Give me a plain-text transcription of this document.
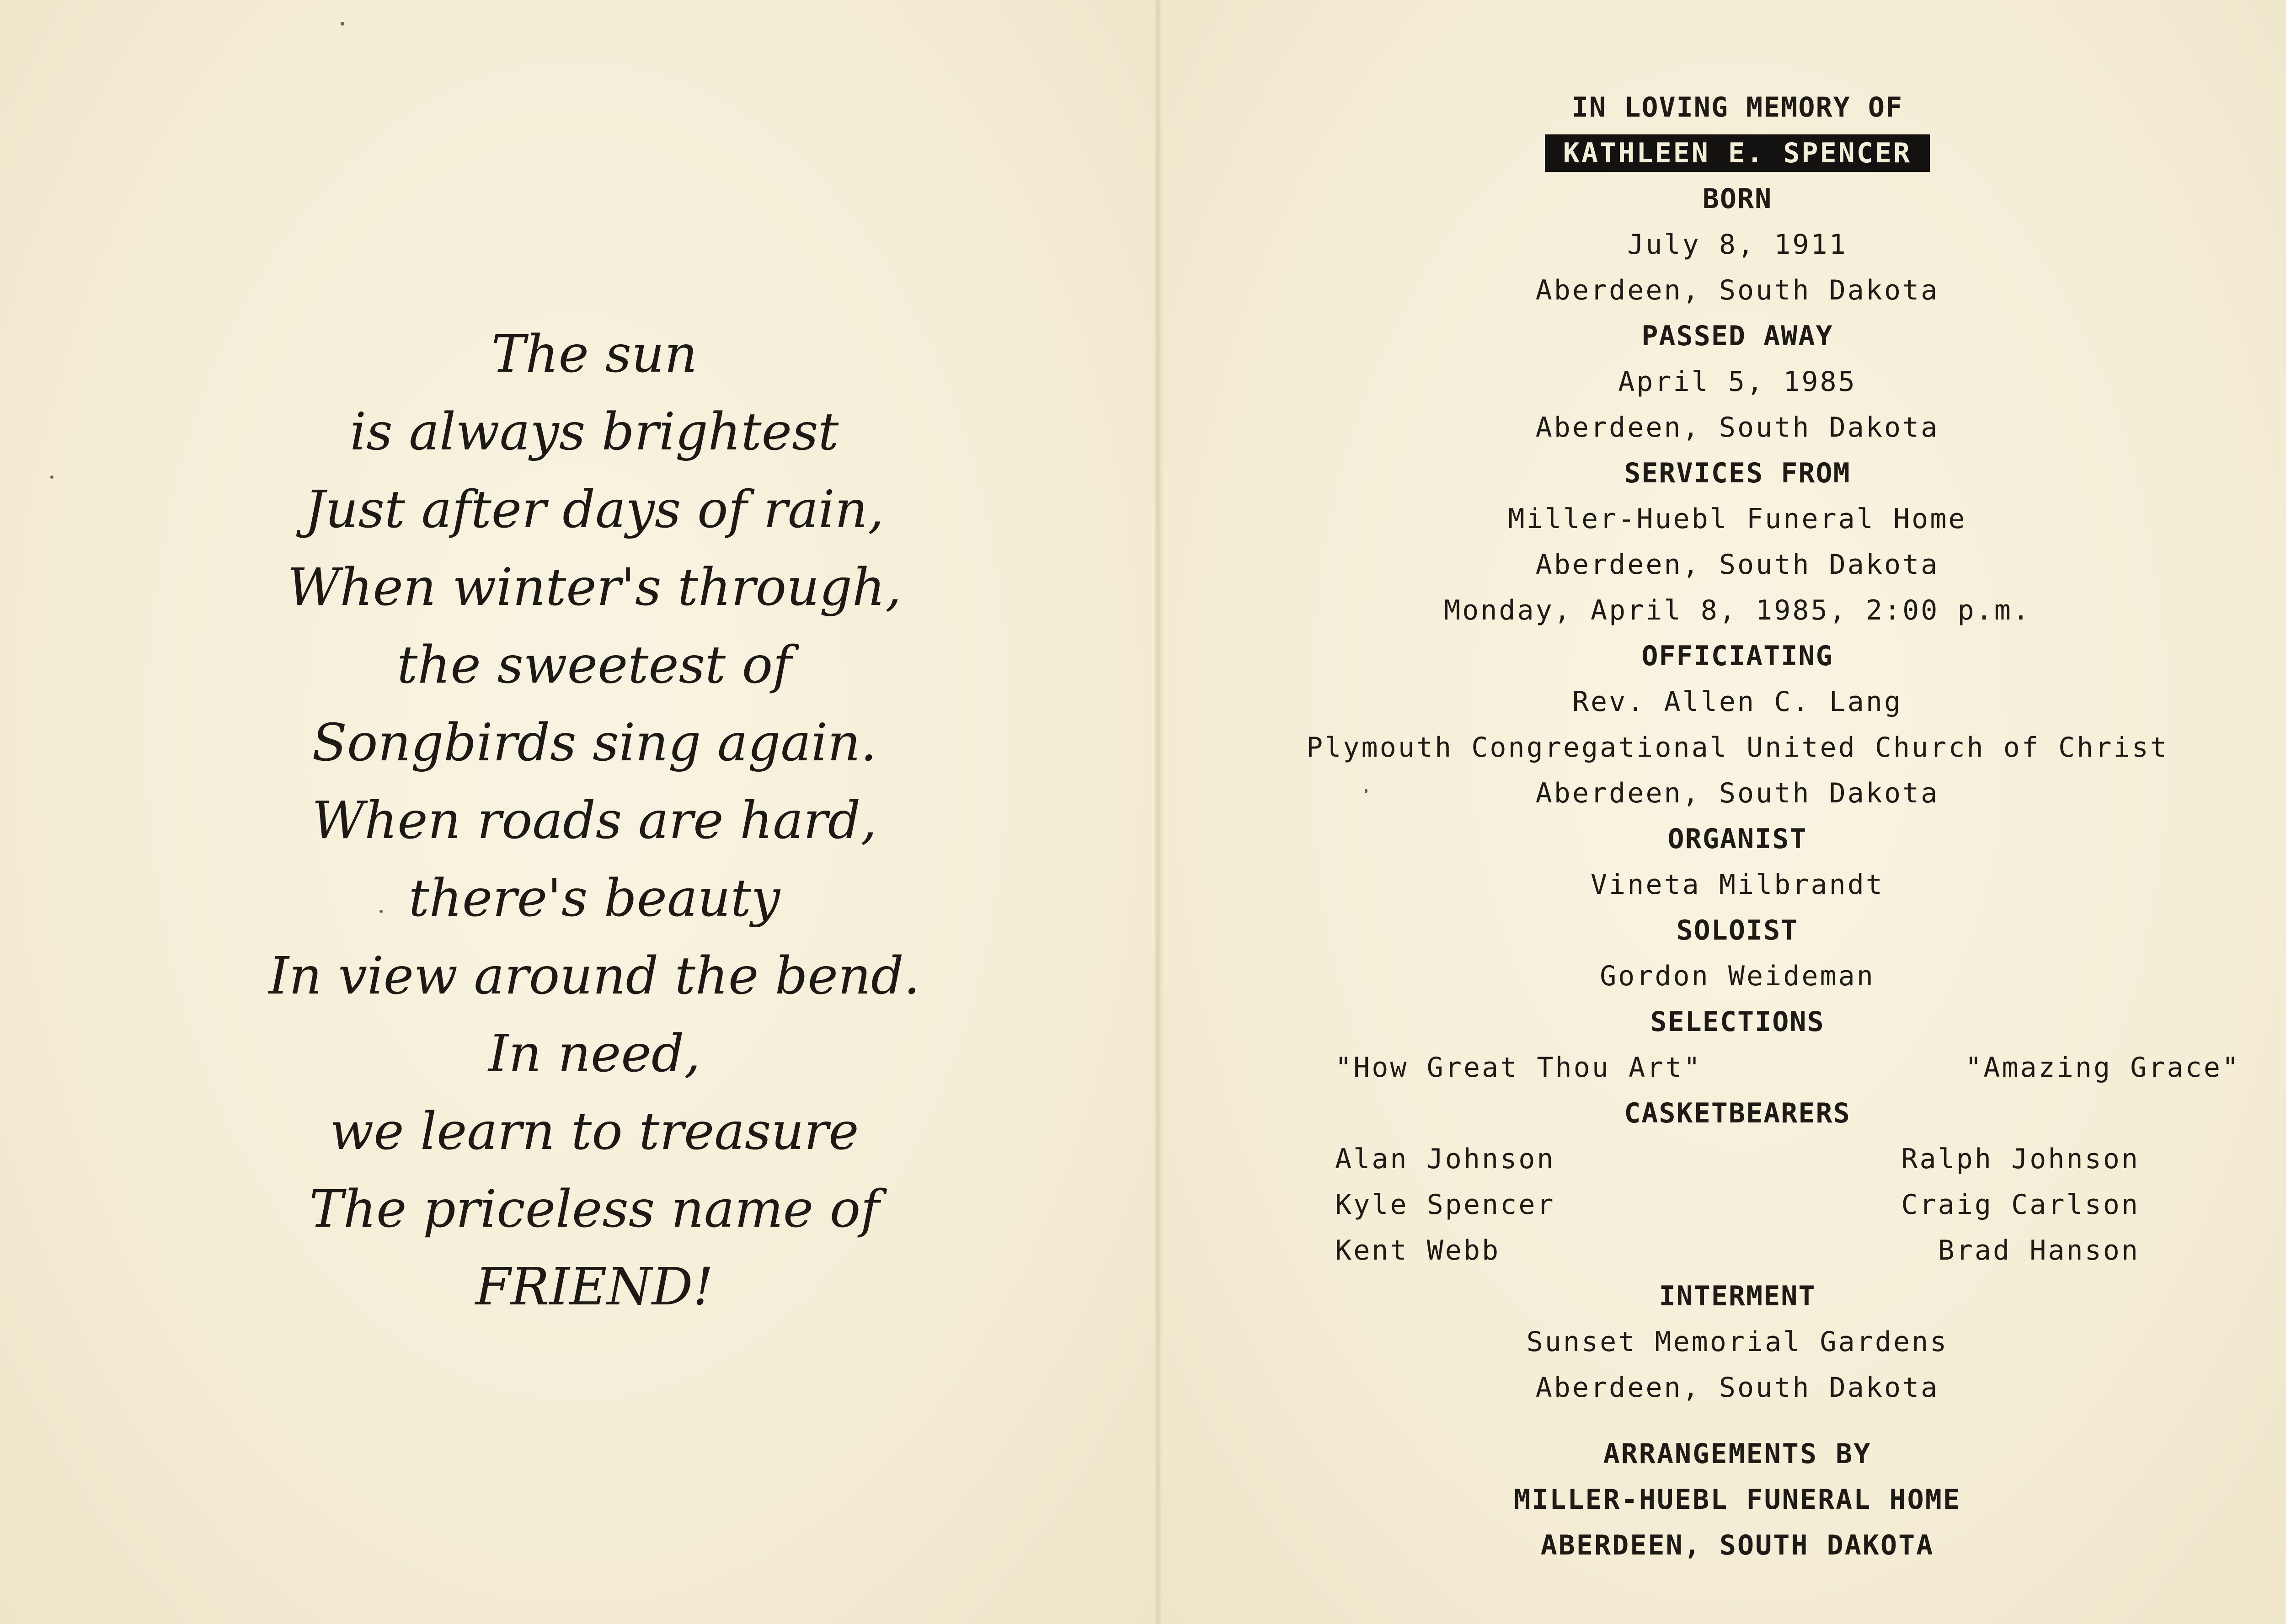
The sun
is always brightest
Just after days of rain,
When winter's through,
the sweetest of
Songbirds sing again.
When roads are hard,
there's beauty
In view around the bend.
In need,
we learn to treasure
The priceless name of
FRIEND!
IN LOVING MEMORY OF
KATHLEEN E. SPENCER
BORN
July 8, 1911
Aberdeen, South Dakota
PASSED AWAY
April 5, 1985
Aberdeen, South Dakota
SERVICES FROM
Miller-Huebl Funeral Home
Aberdeen, South Dakota
Monday, April 8, 1985, 2:00 p.m.
OFFICIATING
Rev. Allen C. Lang
Plymouth Congregational United Church of Christ
Aberdeen, South Dakota
ORGANIST
Vineta Milbrandt
SOLOIST
Gordon Weideman
SELECTIONS
"How Great Thou Art"	"Amazing Grace"
CASKETBEARERS
Alan Johnson
Kyle Spencer
Kent Webb
Ralph Johnson
Craig Carlson
Brad Hanson
INTERMENT
Sunset Memorial Gardens
Aberdeen, South Dakota
ARRANGEMENTS BY
MILLER-HUEBL FUNERAL HOME
ABERDEEN, SOUTH DAKOTA
